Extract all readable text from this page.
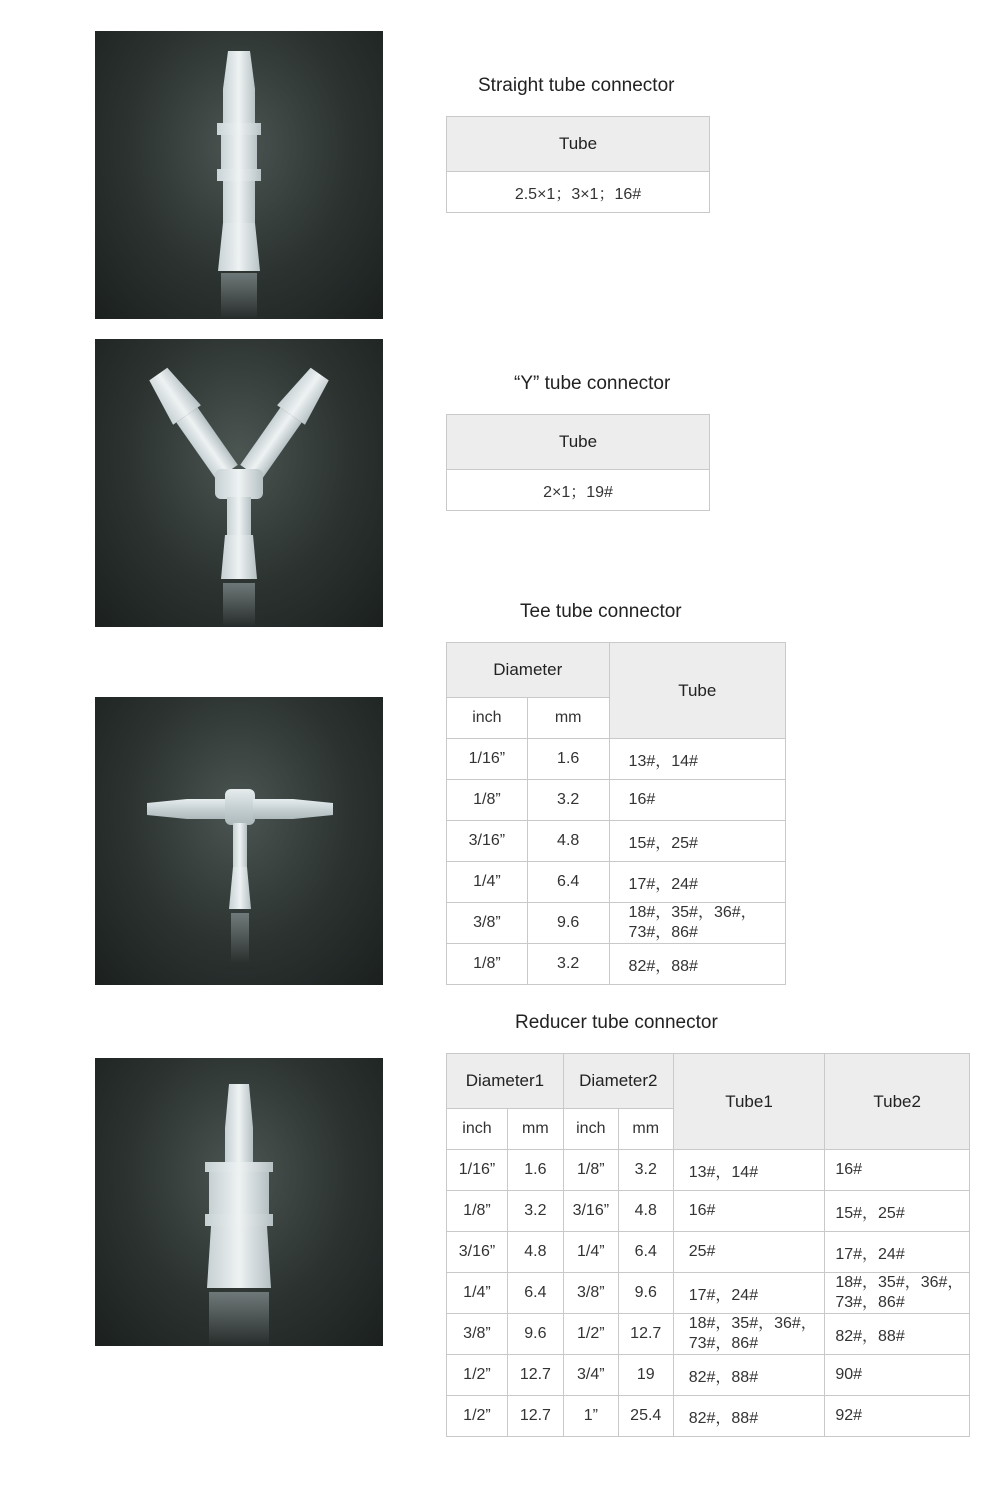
Straight tube connector
Tube
2.5×1；3×1；16#
“Y” tube connector
Tube
2×1；19#
Tee tube connector
Diameter		Tube
inch	mm	
1/16”	1.6	13#，14#
1/8”	3.2	16#
3/16”	4.8	15#，25#
1/4”	6.4	17#，24#
3/8”	9.6	18#，35#，36#，73#，86#
1/8”	3.2	82#，88#
Reducer tube connector
Diameter1		Diameter2		Tube1	Tube2
inch	mm	inch	mm		
1/16”	1.6	1/8”	3.2	13#，14#	16#
1/8”	3.2	3/16”	4.8	16#	15#，25#
3/16”	4.8	1/4”	6.4	25#	17#，24#
1/4”	6.4	3/8”	9.6	17#，24#	18#，35#，36#，73#，86#
3/8”	9.6	1/2”	12.7	18#，35#，36#，73#，86#	82#，88#
1/2”	12.7	3/4”	19	82#，88#	90#
1/2”	12.7	1”	25.4	82#，88#	92#
